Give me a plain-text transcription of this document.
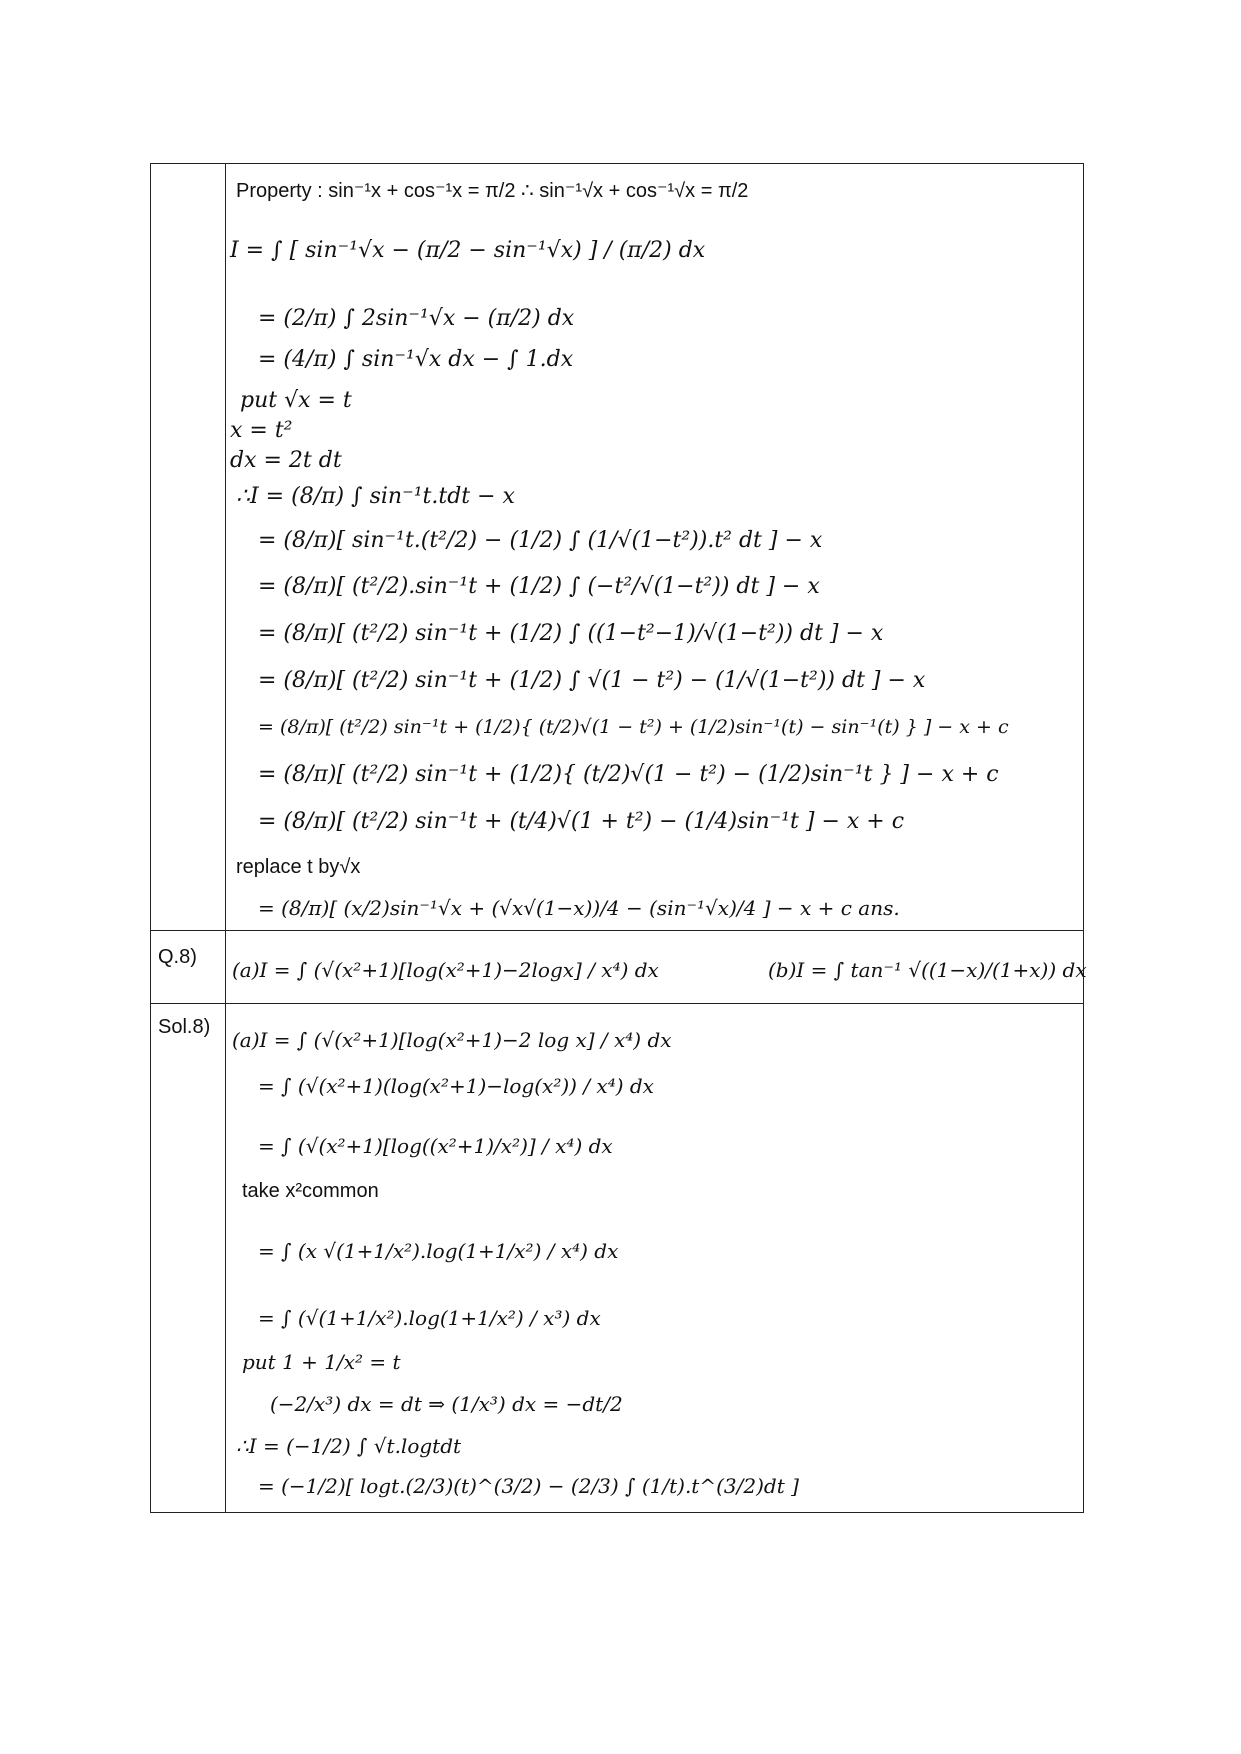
Property : sin⁻¹x + cos⁻¹x = π/2 ∴ sin⁻¹√x + cos⁻¹√x = π/2

I = ∫ [ sin⁻¹√x − (π/2 − sin⁻¹√x) ] / (π/2) dx

= (2/π) ∫ 2sin⁻¹√x − (π/2) dx

= (4/π) ∫ sin⁻¹√x dx − ∫ 1.dx

put √x = t

x = t²

dx = 2t dt

∴I = (8/π) ∫ sin⁻¹t.tdt − x

= (8/π)[ sin⁻¹t.(t²/2) − (1/2) ∫ (1/√(1−t²)).t² dt ] − x

= (8/π)[ (t²/2).sin⁻¹t + (1/2) ∫ (−t²/√(1−t²)) dt ] − x

= (8/π)[ (t²/2) sin⁻¹t + (1/2) ∫ ((1−t²−1)/√(1−t²)) dt ] − x

= (8/π)[ (t²/2) sin⁻¹t + (1/2) ∫ √(1 − t²) − (1/√(1−t²)) dt ] − x

= (8/π)[ (t²/2) sin⁻¹t + (1/2){ (t/2)√(1 − t²) + (1/2)sin⁻¹(t) − sin⁻¹(t) } ] − x + c

= (8/π)[ (t²/2) sin⁻¹t + (1/2){ (t/2)√(1 − t²) − (1/2)sin⁻¹t } ] − x + c

= (8/π)[ (t²/2) sin⁻¹t + (t/4)√(1 + t²) − (1/4)sin⁻¹t ] − x + c

replace t by√x

= (8/π)[ (x/2)sin⁻¹√x + (√x√(1−x))/4 − (sin⁻¹√x)/4 ] − x + c ans.

Q.8)

(a)I = ∫ (√(x²+1)[log(x²+1)−2logx] / x⁴) dx	(b)I = ∫ tan⁻¹ √((1−x)/(1+x)) dx

Sol.8)

(a)I = ∫ (√(x²+1)[log(x²+1)−2 log x] / x⁴) dx

= ∫ (√(x²+1)(log(x²+1)−log(x²)) / x⁴) dx

= ∫ (√(x²+1)[log((x²+1)/x²)] / x⁴) dx

take x²common

= ∫ (x √(1+1/x²).log(1+1/x²) / x⁴) dx

= ∫ (√(1+1/x²).log(1+1/x²) / x³) dx

put 1 + 1/x² = t

(−2/x³) dx = dt ⇒ (1/x³) dx = −dt/2

∴I = (−1/2) ∫ √t.logtdt

= (−1/2)[ logt.(2/3)(t)^(3/2) − (2/3) ∫ (1/t).t^(3/2)dt ]
